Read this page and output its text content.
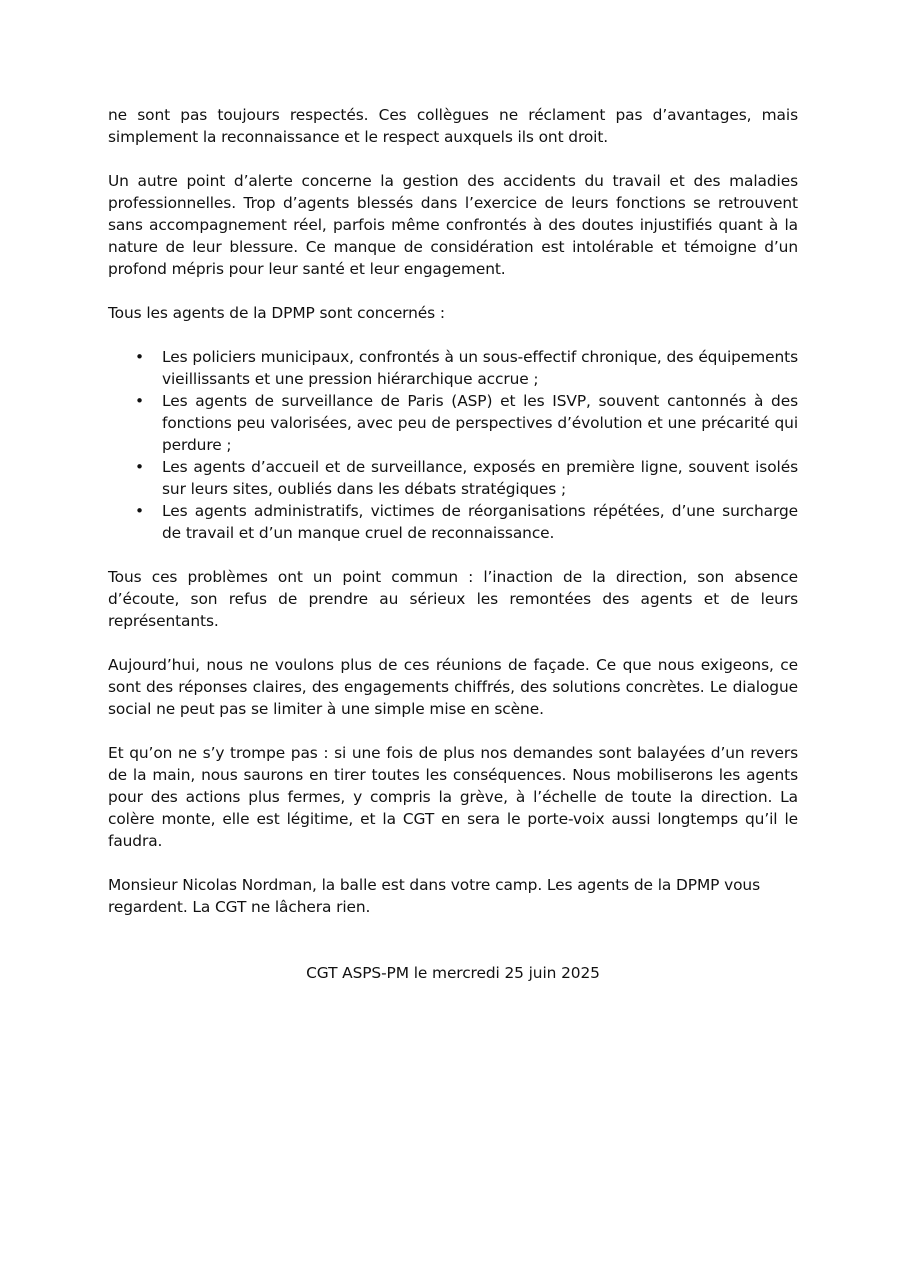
ne sont pas toujours respectés. Ces collègues ne réclament pas d’avantages, mais simplement la reconnaissance et le respect auxquels ils ont droit.

Un autre point d’alerte concerne la gestion des accidents du travail et des maladies professionnelles. Trop d’agents blessés dans l’exercice de leurs fonctions se retrouvent sans accompagnement réel, parfois même confrontés à des doutes injustifiés quant à la nature de leur blessure. Ce manque de considération est intolérable et témoigne d’un profond mépris pour leur santé et leur engagement.

Tous les agents de la DPMP sont concernés :

• Les policiers municipaux, confrontés à un sous-effectif chronique, des équipements vieillissants et une pression hiérarchique accrue ;
• Les agents de surveillance de Paris (ASP) et les ISVP, souvent cantonnés à des fonctions peu valorisées, avec peu de perspectives d’évolution et une précarité qui perdure ;
• Les agents d’accueil et de surveillance, exposés en première ligne, souvent isolés sur leurs sites, oubliés dans les débats stratégiques ;
• Les agents administratifs, victimes de réorganisations répétées, d’une surcharge de travail et d’un manque cruel de reconnaissance.

Tous ces problèmes ont un point commun : l’inaction de la direction, son absence d’écoute, son refus de prendre au sérieux les remontées des agents et de leurs représentants.

Aujourd’hui, nous ne voulons plus de ces réunions de façade. Ce que nous exigeons, ce sont des réponses claires, des engagements chiffrés, des solutions concrètes. Le dialogue social ne peut pas se limiter à une simple mise en scène.

Et qu’on ne s’y trompe pas : si une fois de plus nos demandes sont balayées d’un revers de la main, nous saurons en tirer toutes les conséquences. Nous mobiliserons les agents pour des actions plus fermes, y compris la grève, à l’échelle de toute la direction. La colère monte, elle est légitime, et la CGT en sera le porte-voix aussi longtemps qu’il le faudra.

Monsieur Nicolas Nordman, la balle est dans votre camp. Les agents de la DPMP vous regardent. La CGT ne lâchera rien.

CGT ASPS-PM le mercredi 25 juin 2025
